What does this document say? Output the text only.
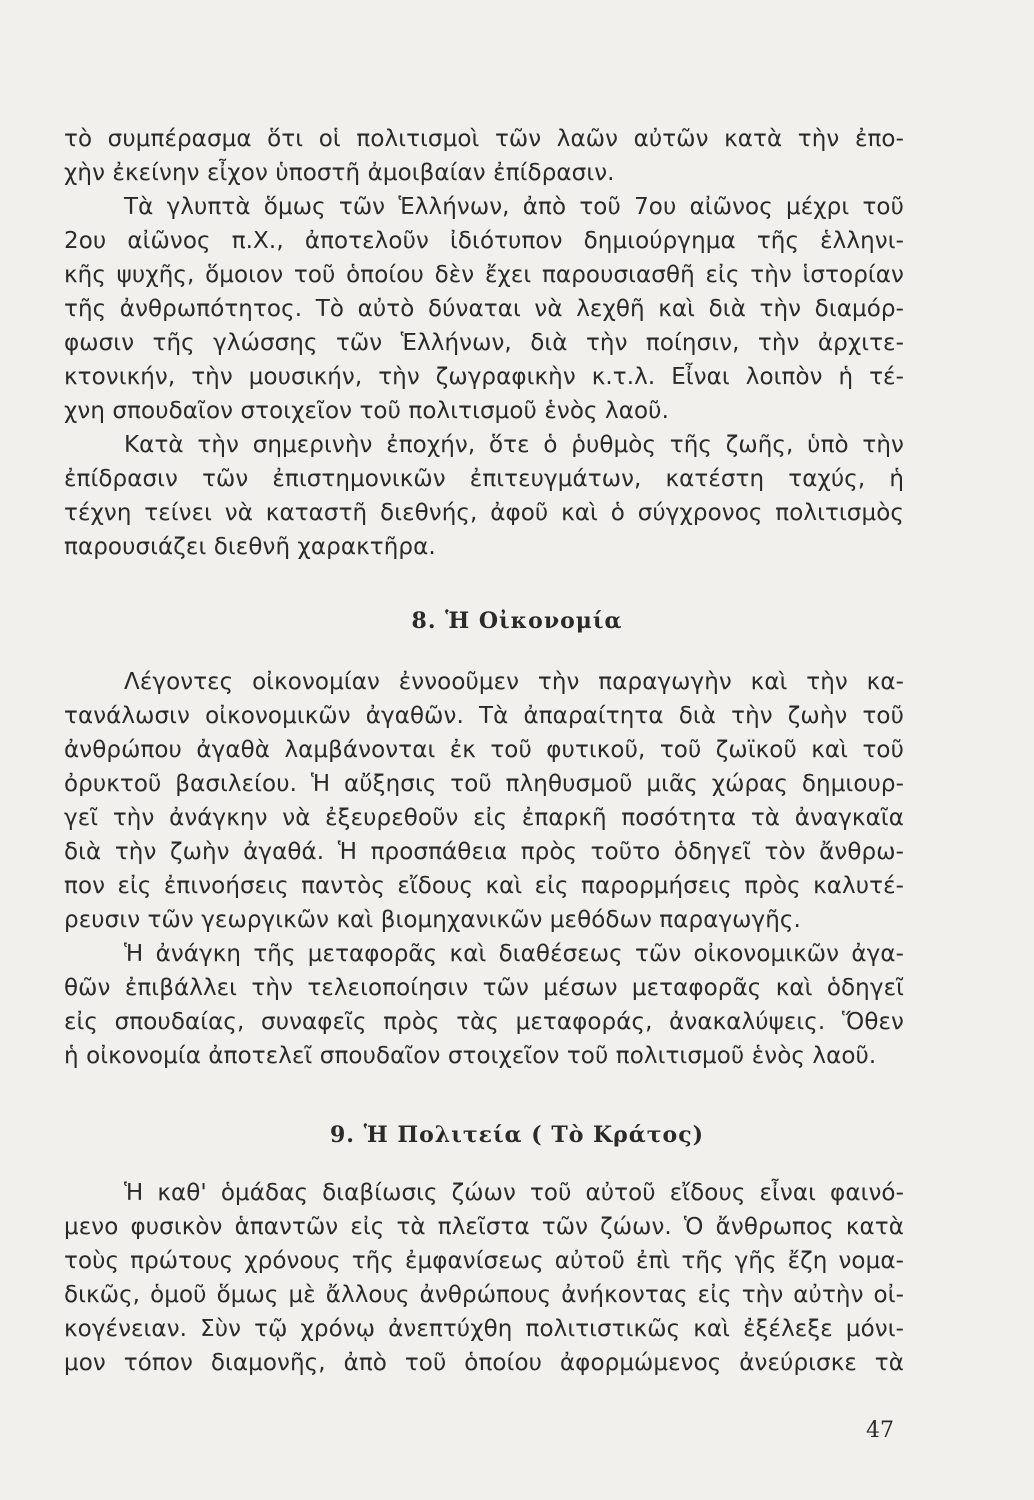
τὸ συμπέρασμα ὅτι οἱ πολιτισμοὶ τῶν λαῶν αὐτῶν κατὰ τὴν ἐπο-
χὴν ἐκείνην εἶχον ὑποστῆ ἀμοιβαίαν ἐπίδρασιν.
Τὰ γλυπτὰ ὅμως τῶν Ἑλλήνων, ἀπὸ τοῦ 7ου αἰῶνος μέχρι τοῦ
2ου αἰῶνος π.Χ., ἀποτελοῦν ἰδιότυπον δημιούργημα τῆς ἑλληνι-
κῆς ψυχῆς, ὅμοιον τοῦ ὁποίου δὲν ἔχει παρουσιασθῆ εἰς τὴν ἱστορίαν
τῆς ἀνθρωπότητος. Τὸ αὐτὸ δύναται νὰ λεχθῆ καὶ διὰ τὴν διαμόρ-
φωσιν τῆς γλώσσης τῶν Ἑλλήνων, διὰ τὴν ποίησιν, τὴν ἀρχιτε-
κτονικήν, τὴν μουσικήν, τὴν ζωγραφικὴν κ.τ.λ. Εἶναι λοιπὸν ἡ τέ-
χνη σπουδαῖον στοιχεῖον τοῦ πολιτισμοῦ ἑνὸς λαοῦ.
Κατὰ τὴν σημερινὴν ἐποχήν, ὅτε ὁ ῥυθμὸς τῆς ζωῆς, ὑπὸ τὴν
ἐπίδρασιν τῶν ἐπιστημονικῶν ἐπιτευγμάτων, κατέστη ταχύς, ἡ
τέχνη τείνει νὰ καταστῆ διεθνής, ἀφοῦ καὶ ὁ σύγχρονος πολιτισμὸς
παρουσιάζει διεθνῆ χαρακτῆρα.
8. Ἡ Οἰκονομία
Λέγοντες οἰκονομίαν ἐννοοῦμεν τὴν παραγωγὴν καὶ τὴν κα-
τανάλωσιν οἰκονομικῶν ἀγαθῶν. Τὰ ἀπαραίτητα διὰ τὴν ζωὴν τοῦ
ἀνθρώπου ἀγαθὰ λαμβάνονται ἐκ τοῦ φυτικοῦ, τοῦ ζωϊκοῦ καὶ τοῦ
ὀρυκτοῦ βασιλείου. Ἡ αὔξησις τοῦ πληθυσμοῦ μιᾶς χώρας δημιουρ-
γεῖ τὴν ἀνάγκην νὰ ἐξευρεθοῦν εἰς ἐπαρκῆ ποσότητα τὰ ἀναγκαῖα
διὰ τὴν ζωὴν ἀγαθά. Ἡ προσπάθεια πρὸς τοῦτο ὁδηγεῖ τὸν ἄνθρω-
πον εἰς ἐπινοήσεις παντὸς εἴδους καὶ εἰς παρορμήσεις πρὸς καλυτέ-
ρευσιν τῶν γεωργικῶν καὶ βιομηχανικῶν μεθόδων παραγωγῆς.
Ἡ ἀνάγκη τῆς μεταφορᾶς καὶ διαθέσεως τῶν οἰκονομικῶν ἀγα-
θῶν ἐπιβάλλει τὴν τελειοποίησιν τῶν μέσων μεταφορᾶς καὶ ὁδηγεῖ
εἰς σπουδαίας, συναφεῖς πρὸς τὰς μεταφοράς, ἀνακαλύψεις. Ὅθεν
ἡ οἰκονομία ἀποτελεῖ σπουδαῖον στοιχεῖον τοῦ πολιτισμοῦ ἑνὸς λαοῦ.
9. Ἡ Πολιτεία ( Τὸ Κράτος)
Ἡ καθ' ὁμάδας διαβίωσις ζώων τοῦ αὐτοῦ εἴδους εἶναι φαινό-
μενο φυσικὸν ἁπαντῶν εἰς τὰ πλεῖστα τῶν ζώων. Ὁ ἄνθρωπος κατὰ
τοὺς πρώτους χρόνους τῆς ἐμφανίσεως αὐτοῦ ἐπὶ τῆς γῆς ἔζη νομα-
δικῶς, ὁμοῦ ὅμως μὲ ἄλλους ἀνθρώπους ἀνήκοντας εἰς τὴν αὐτὴν οἰ-
κογένειαν. Σὺν τῷ χρόνῳ ἀνεπτύχθη πολιτιστικῶς καὶ ἐξέλεξε μόνι-
μον τόπον διαμονῆς, ἀπὸ τοῦ ὁποίου ἀφορμώμενος ἀνεύρισκε τὰ
47
